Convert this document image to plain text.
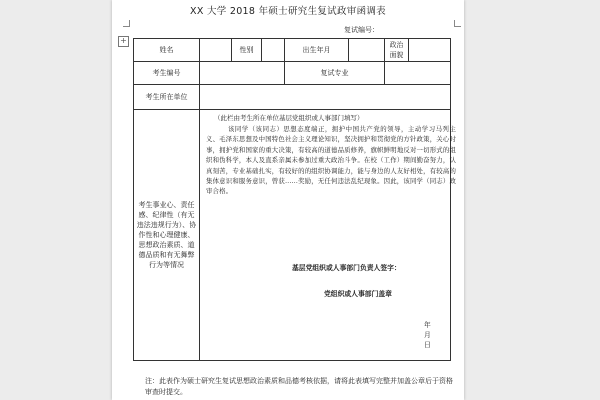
XX 大学 2018 年硕士研究生复试政审函调表
复试编号：
+
姓名		性别		出生年月		政治面貌	
考生编号				复试专业			
考生所在单位							
考生事业心、责任感、纪律性（有无违法违规行为）、协作性和心理健康、思想政治素质、道德品质和有无舞弊行为等情况	（此栏由考生所在单位基层党组织或人事部门填写）
该同学（该同志）思想态度端正，拥护中国共产党的领导，主动学习马列主义、毛泽东思想及中国特色社会主义理论知识，坚决拥护和贯彻党的方针政策，关心时事，拥护党和国家的重大决策，有较高的道德品质修养，旗帜鲜明地反对一切形式的组织和伪科学，本人及直系亲属未参加过重大政治斗争。在校（工作）期间勤奋努力，认真刻苦，专业基础扎实，有较好的的组织协调能力，能与身边的人友好相处，有较高的集体意识和服务意识，曾获……奖励，无任何违法乱纪现象。因此，该同学（同志）政审合格。
基层党组织或人事部门负责人签字：
党组织或人事部门盖章
年 月 日						
注：此表作为硕士研究生复试思想政治素质和品德考核依据，请将此表填写完整并加盖公章后于资格审查时提交。
